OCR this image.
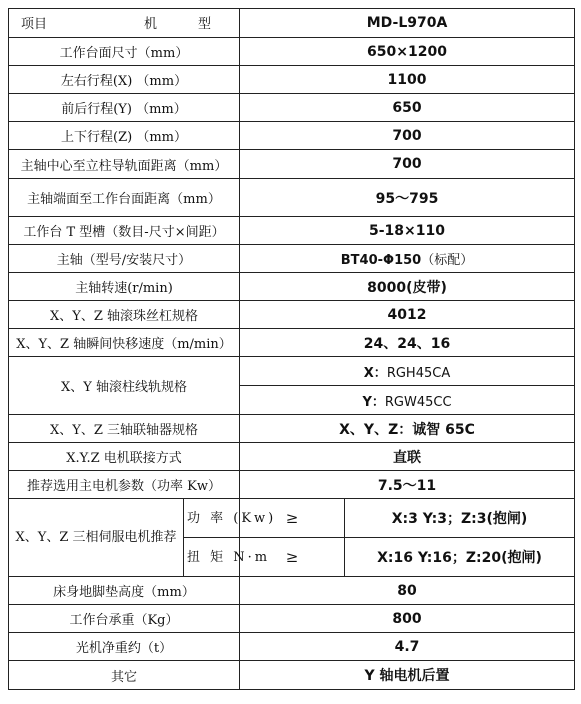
项目 机　型		MD-L970A	
工作台面尺寸（mm）		650×1200	
左右行程(X) （mm）		1100	
前后行程(Y) （mm）		650	
上下行程(Z) （mm）		700	
主轴中心至立柱导轨面距离（mm）		700	
主轴端面至工作台面距离（mm）		95～795	
工作台 T 型槽（数目-尺寸×间距）		5-18×110	
主轴（型号/安装尺寸）		BT40-Φ150（标配）	
主轴转速(r/min)		8000(皮带)	
X、Y、Z 轴滚珠丝杠规格		4012	
X、Y、Z 轴瞬间快移速度（m/min）		24、24、16	
X、Y 轴滚柱线轨规格		X：RGH45CA	
		Y：RGW45CC	
X、Y、Z 三轴联轴器规格		X、Y、Z：诚智 65C	
X.Y.Z 电机联接方式		直联	
推荐选用主电机参数（功率 Kw）		7.5～11	
X、Y、Z 三相伺服电机推荐	功 率 (Kw)	≥	X:3 Y:3；Z:3(抱闸)
	扭 矩 N·m	≥	X:16 Y:16；Z:20(抱闸)
床身地脚垫高度（mm）		80	
工作台承重（Kg）		800	
光机净重约（t）		4.7	
其它		Y 轴电机后置	
